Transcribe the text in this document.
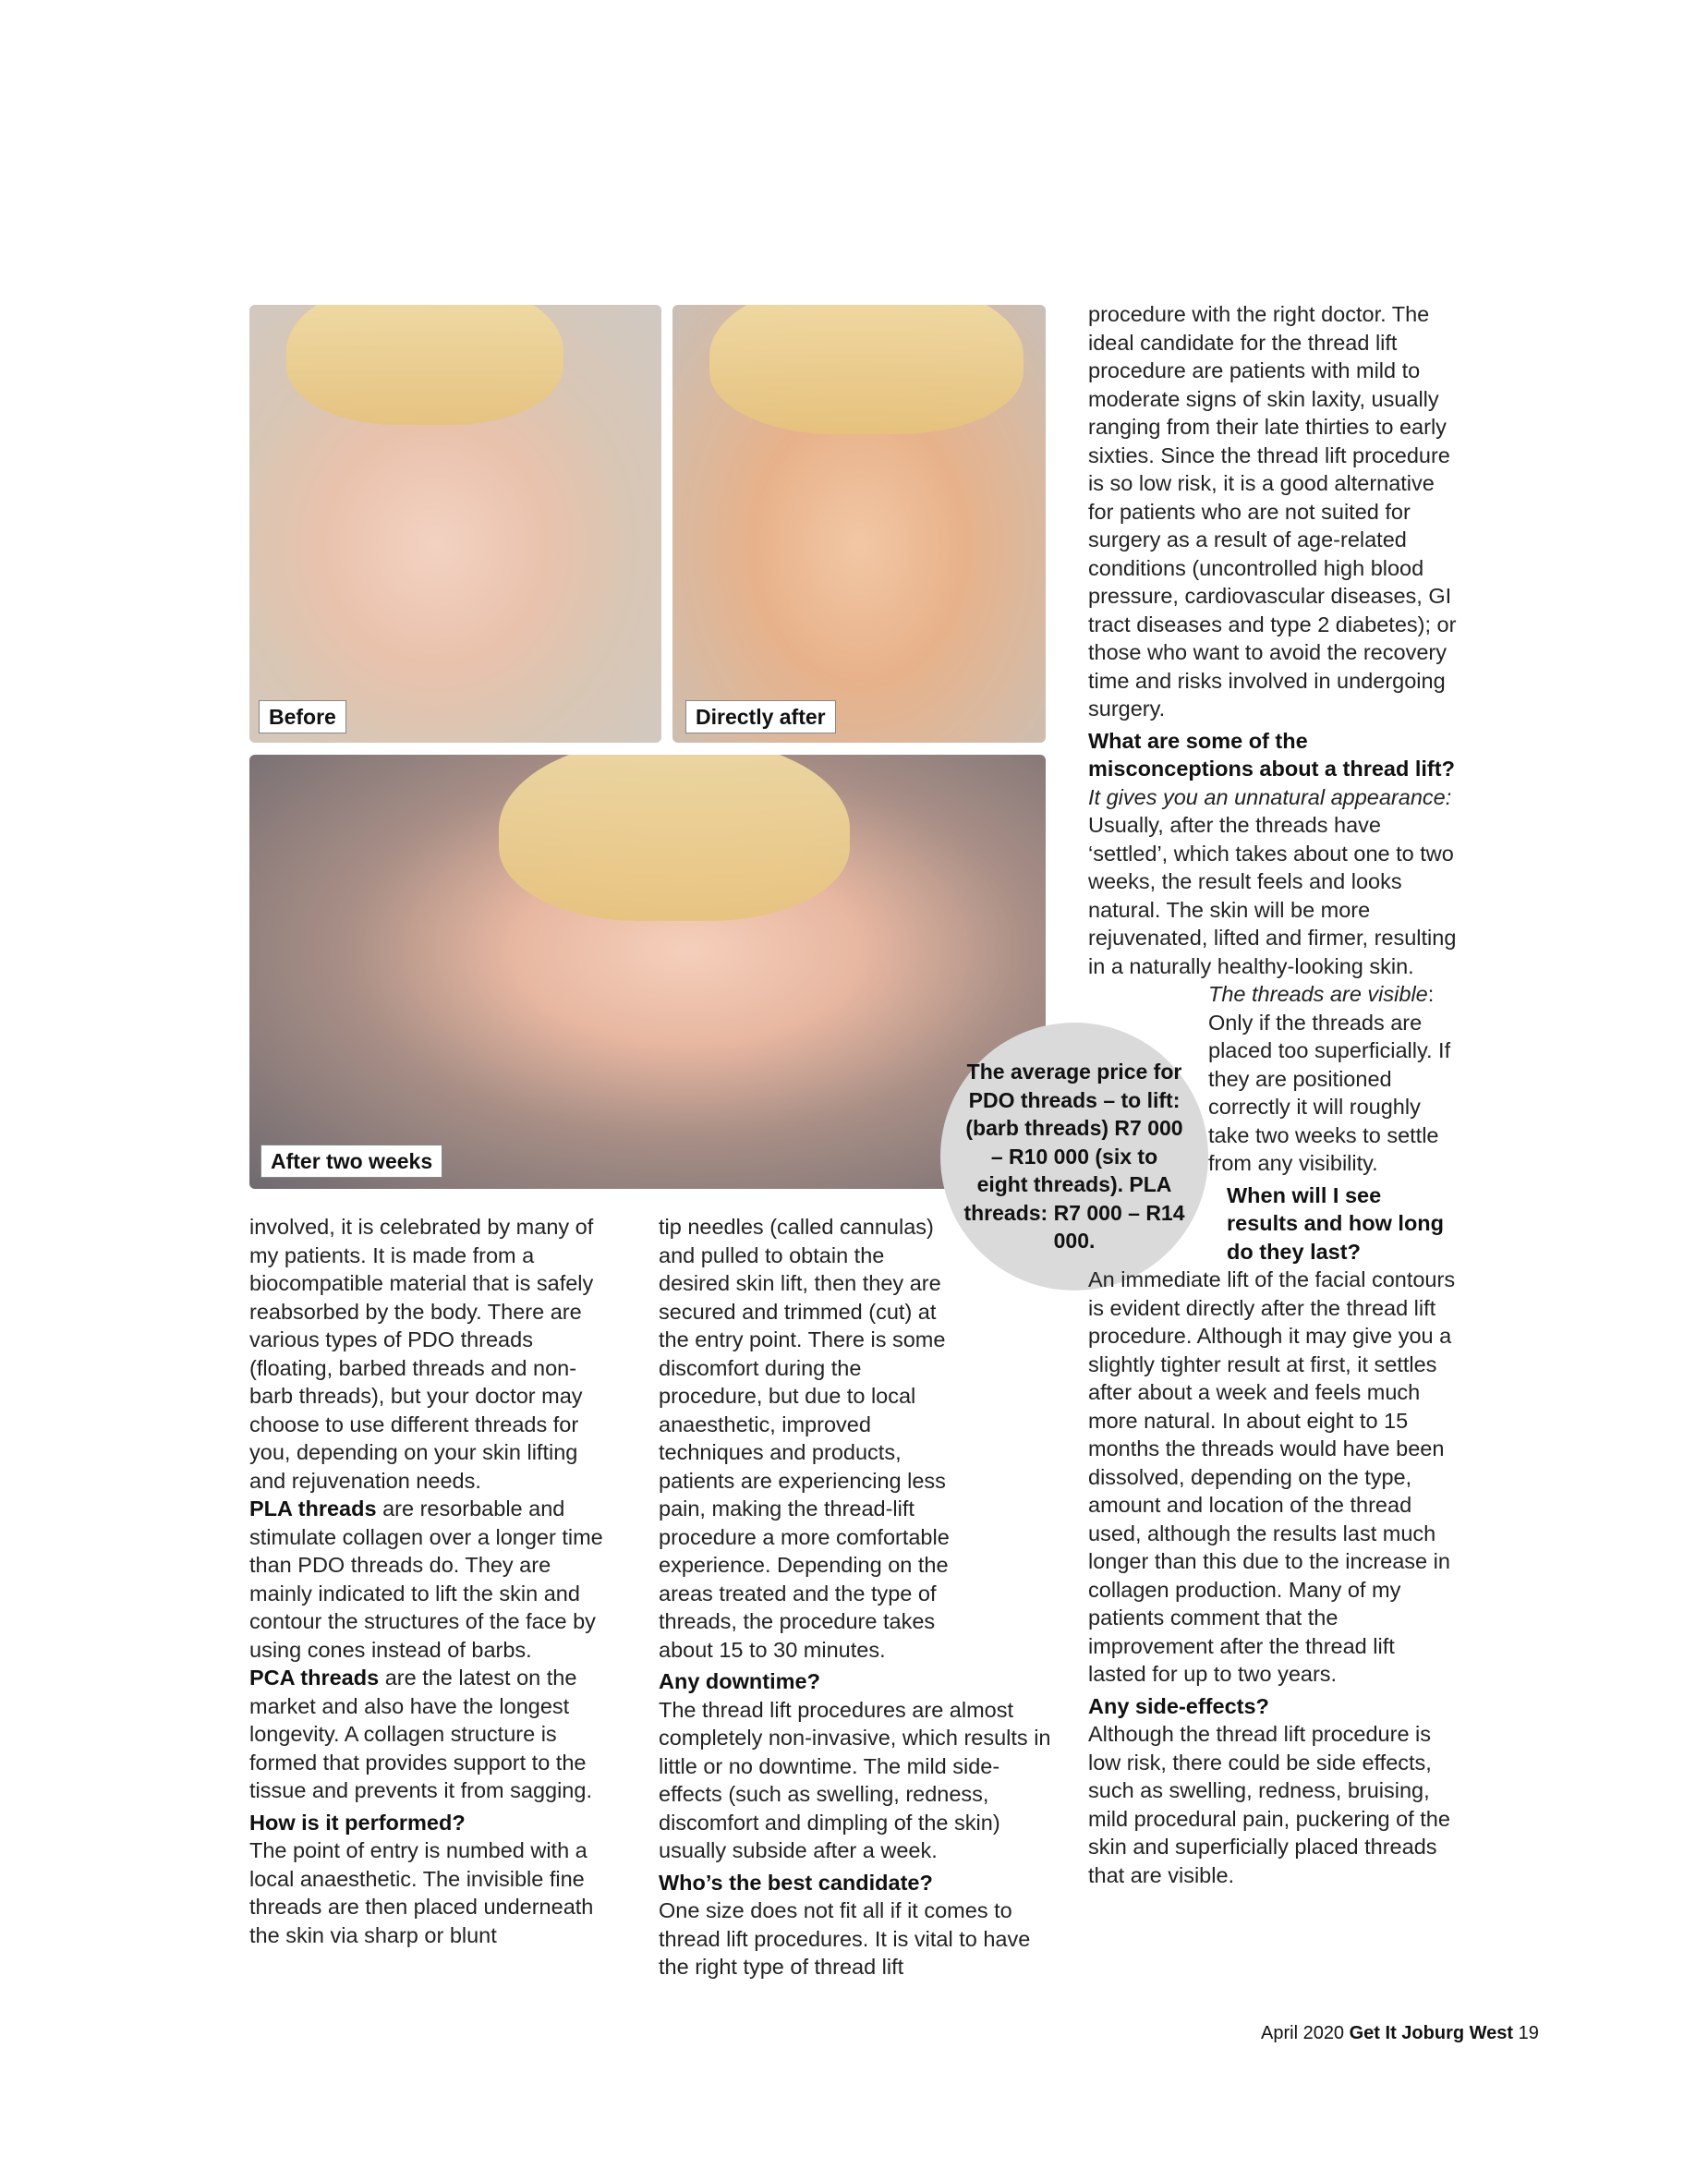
Before	Directly after
After two weeks
The average price for PDO threads – to lift: (barb threads) R7 000 – R10 000 (six to eight threads). PLA threads: R7 000 – R14 000.

involved, it is celebrated by many of my patients. It is made from a biocompatible material that is safely reabsorbed by the body. There are various types of PDO threads (floating, barbed threads and non-barb threads), but your doctor may choose to use different threads for you, depending on your skin lifting and rejuvenation needs.

PLA threads are resorbable and stimulate collagen over a longer time than PDO threads do. They are mainly indicated to lift the skin and contour the structures of the face by using cones instead of barbs.

PCA threads are the latest on the market and also have the longest longevity. A collagen structure is formed that provides support to the tissue and prevents it from sagging.

How is it performed?

The point of entry is numbed with a local anaesthetic. The invisible fine threads are then placed underneath the skin via sharp or blunt

tip needles (called cannulas) and pulled to obtain the desired skin lift, then they are secured and trimmed (cut) at the entry point. There is some discomfort during the procedure, but due to local anaesthetic, improved techniques and products, patients are experiencing less pain, making the thread-lift procedure a more comfortable experience. Depending on the areas treated and the type of threads, the procedure takes about 15 to 30 minutes.

Any downtime?

The thread lift procedures are almost completely non-invasive, which results in little or no downtime. The mild side-effects (such as swelling, redness, discomfort and dimpling of the skin) usually subside after a week.

Who’s the best candidate?

One size does not fit all if it comes to thread lift procedures. It is vital to have the right type of thread lift

procedure with the right doctor. The ideal candidate for the thread lift procedure are patients with mild to moderate signs of skin laxity, usually ranging from their late thirties to early sixties. Since the thread lift procedure is so low risk, it is a good alternative for patients who are not suited for surgery as a result of age-related conditions (uncontrolled high blood pressure, cardiovascular diseases, GI tract diseases and type 2 diabetes); or those who want to avoid the recovery time and risks involved in undergoing surgery.

What are some of the misconceptions about a thread lift?

It gives you an unnatural appearance: Usually, after the threads have ‘settled’, which takes about one to two weeks, the result feels and looks natural. The skin will be more rejuvenated, lifted and firmer, resulting in a naturally healthy-looking skin.

The threads are visible: Only if the threads are placed too superficially. If they are positioned correctly it will roughly take two weeks to settle from any visibility.

When will I see results and how long do they last?

An immediate lift of the facial contours is evident directly after the thread lift procedure. Although it may give you a slightly tighter result at first, it settles after about a week and feels much more natural. In about eight to 15 months the threads would have been dissolved, depending on the type, amount and location of the thread used, although the results last much longer than this due to the increase in collagen production. Many of my patients comment that the improvement after the thread lift lasted for up to two years.

Any side-effects?

Although the thread lift procedure is low risk, there could be side effects, such as swelling, redness, bruising, mild procedural pain, puckering of the skin and superficially placed threads that are visible.

April 2020 Get It Joburg West 19
